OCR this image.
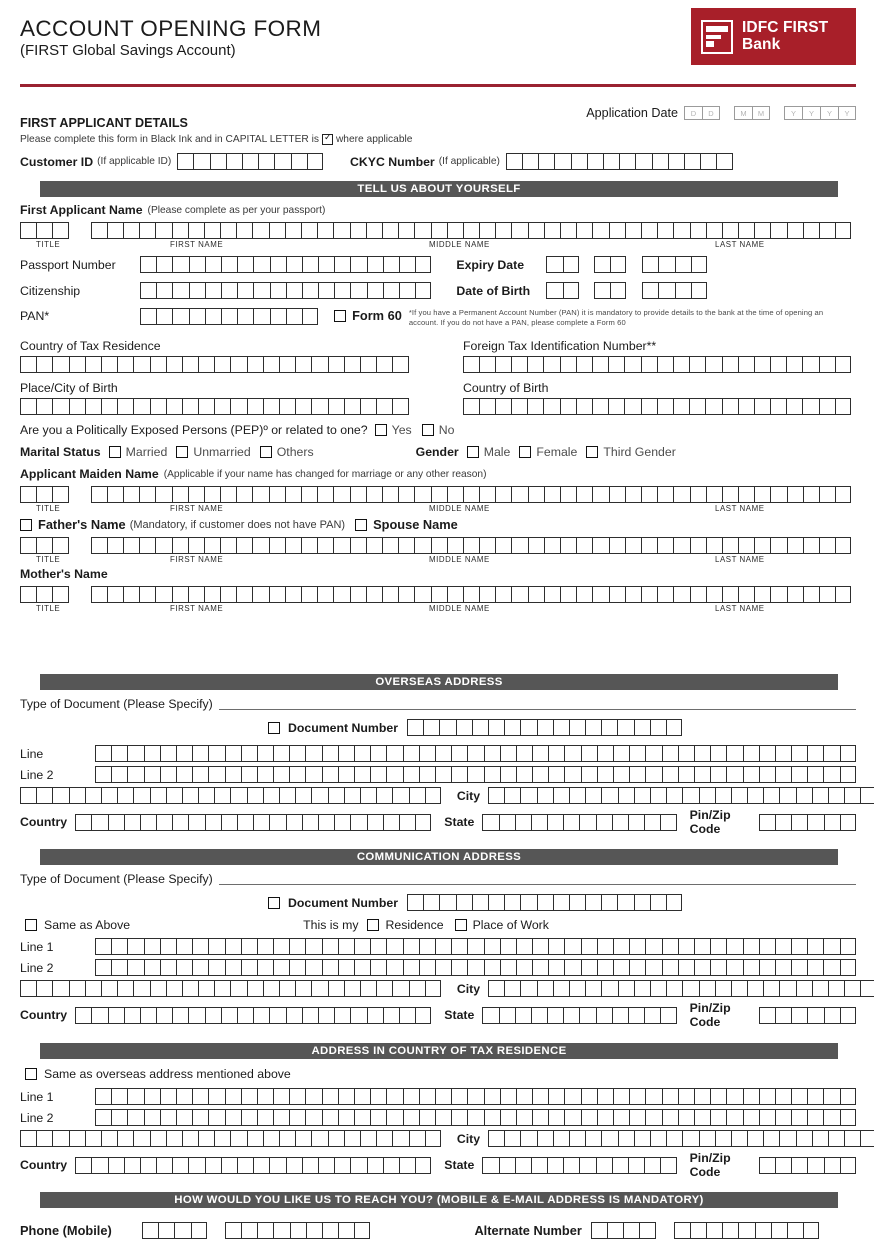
ACCOUNT OPENING FORM
(FIRST Global Savings Account)
IDFC FIRST
Bank
FIRST APPLICANT DETAILS
Please complete this form in Black Ink and in CAPITAL LETTER is ✓ where applicable
Application Date	D	D	M	M	Y	Y	Y	Y
Customer ID (If applicable ID)	CKYC Number (If applicable)
TELL US ABOUT YOURSELF
First Applicant Name (Please complete as per your passport)
TITLE	FIRST NAME	MIDDLE NAME	LAST NAME
Passport Number	Expiry Date
Citizenship	Date of Birth
PAN*	Form 60 *If you have a Permanent Account Number (PAN) it is mandatory to provide details to the bank at the time of opening an account. If you do not have a PAN, please complete a Form 60
Country of Tax Residence	Foreign Tax Identification Number**
Place/City of Birth	Country of Birth
Are you a Politically Exposed Persons (PEP)º or related to one? Yes No
Marital Status Married Unmarried Others	Gender Male Female Third Gender
Applicant Maiden Name (Applicable if your name has changed for marriage or any other reason)
TITLE	FIRST NAME	MIDDLE NAME	LAST NAME
Father's Name (Mandatory, if customer does not have PAN) Spouse Name
TITLE	FIRST NAME	MIDDLE NAME	LAST NAME
Mother's Name
TITLE	FIRST NAME	MIDDLE NAME	LAST NAME
OVERSEAS ADDRESS
Type of Document (Please Specify)
Document Number
Line
Line 2
City
Country	State	Pin/Zip Code
COMMUNICATION ADDRESS
Type of Document (Please Specify)
Document Number
Same as Above	This is my Residence Place of Work
Line 1
Line 2
City
Country	State	Pin/Zip Code
ADDRESS IN COUNTRY OF TAX RESIDENCE
Same as overseas address mentioned above
Line 1
Line 2
City
Country	State	Pin/Zip Code
HOW WOULD YOU LIKE US TO REACH YOU? (MOBILE & E-MAIL ADDRESS IS MANDATORY)
Phone (Mobile)	Alternate Number
